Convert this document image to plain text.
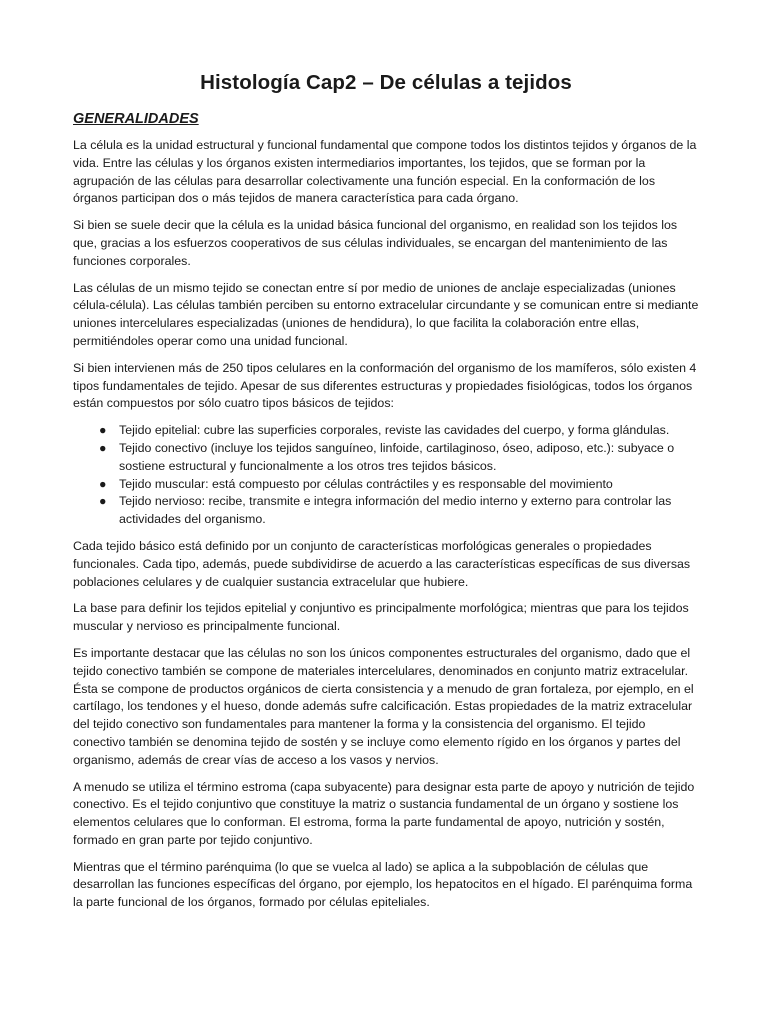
Histología Cap2 – De células a tejidos
GENERALIDADES

La célula es la unidad estructural y funcional fundamental que compone todos los distintos tejidos y órganos de la vida. Entre las células y los órganos existen intermediarios importantes, los tejidos, que se forman por la agrupación de las células para desarrollar colectivamente una función especial. En la conformación de los órganos participan dos o más tejidos de manera característica para cada órgano.

Si bien se suele decir que la célula es la unidad básica funcional del organismo, en realidad son los tejidos los que, gracias a los esfuerzos cooperativos de sus células individuales, se encargan del mantenimiento de las funciones corporales.

Las células de un mismo tejido se conectan entre sí por medio de uniones de anclaje especializadas (uniones célula-célula). Las células también perciben su entorno extracelular circundante y se comunican entre si mediante uniones intercelulares especializadas (uniones de hendidura), lo que facilita la colaboración entre ellas, permitiéndoles operar como una unidad funcional.

Si bien intervienen más de 250 tipos celulares en la conformación del organismo de los mamíferos, sólo existen 4 tipos fundamentales de tejido. Apesar de sus diferentes estructuras y propiedades fisiológicas, todos los órganos están compuestos por sólo cuatro tipos básicos de tejidos:

● Tejido epitelial: cubre las superficies corporales, reviste las cavidades del cuerpo, y forma glándulas.
● Tejido conectivo (incluye los tejidos sanguíneo, linfoide, cartilaginoso, óseo, adiposo, etc.): subyace o sostiene estructural y funcionalmente a los otros tres tejidos básicos.
● Tejido muscular: está compuesto por células contráctiles y es responsable del movimiento
● Tejido nervioso: recibe, transmite e integra información del medio interno y externo para controlar las actividades del organismo.

Cada tejido básico está definido por un conjunto de características morfológicas generales o propiedades funcionales. Cada tipo, además, puede subdividirse de acuerdo a las características específicas de sus diversas poblaciones celulares y de cualquier sustancia extracelular que hubiere.

La base para definir los tejidos epitelial y conjuntivo es principalmente morfológica; mientras que para los tejidos muscular y nervioso es principalmente funcional.

Es importante destacar que las células no son los únicos componentes estructurales del organismo, dado que el tejido conectivo también se compone de materiales intercelulares, denominados en conjunto matriz extracelular. Ésta se compone de productos orgánicos de cierta consistencia y a menudo de gran fortaleza, por ejemplo, en el cartílago, los tendones y el hueso, donde además sufre calcificación. Estas propiedades de la matriz extracelular del tejido conectivo son fundamentales para mantener la forma y la consistencia del organismo. El tejido conectivo también se denomina tejido de sostén y se incluye como elemento rígido en los órganos y partes del organismo, además de crear vías de acceso a los vasos y nervios.

A menudo se utiliza el término estroma (capa subyacente) para designar esta parte de apoyo y nutrición de tejido conectivo. Es el tejido conjuntivo que constituye la matriz o sustancia fundamental de un órgano y sostiene los elementos celulares que lo conforman. El estroma, forma la parte fundamental de apoyo, nutrición y sostén, formado en gran parte por tejido conjuntivo.

Mientras que el término parénquima (lo que se vuelca al lado) se aplica a la subpoblación de células que desarrollan las funciones específicas del órgano, por ejemplo, los hepatocitos en el hígado. El parénquima forma la parte funcional de los órganos, formado por células epiteliales.
